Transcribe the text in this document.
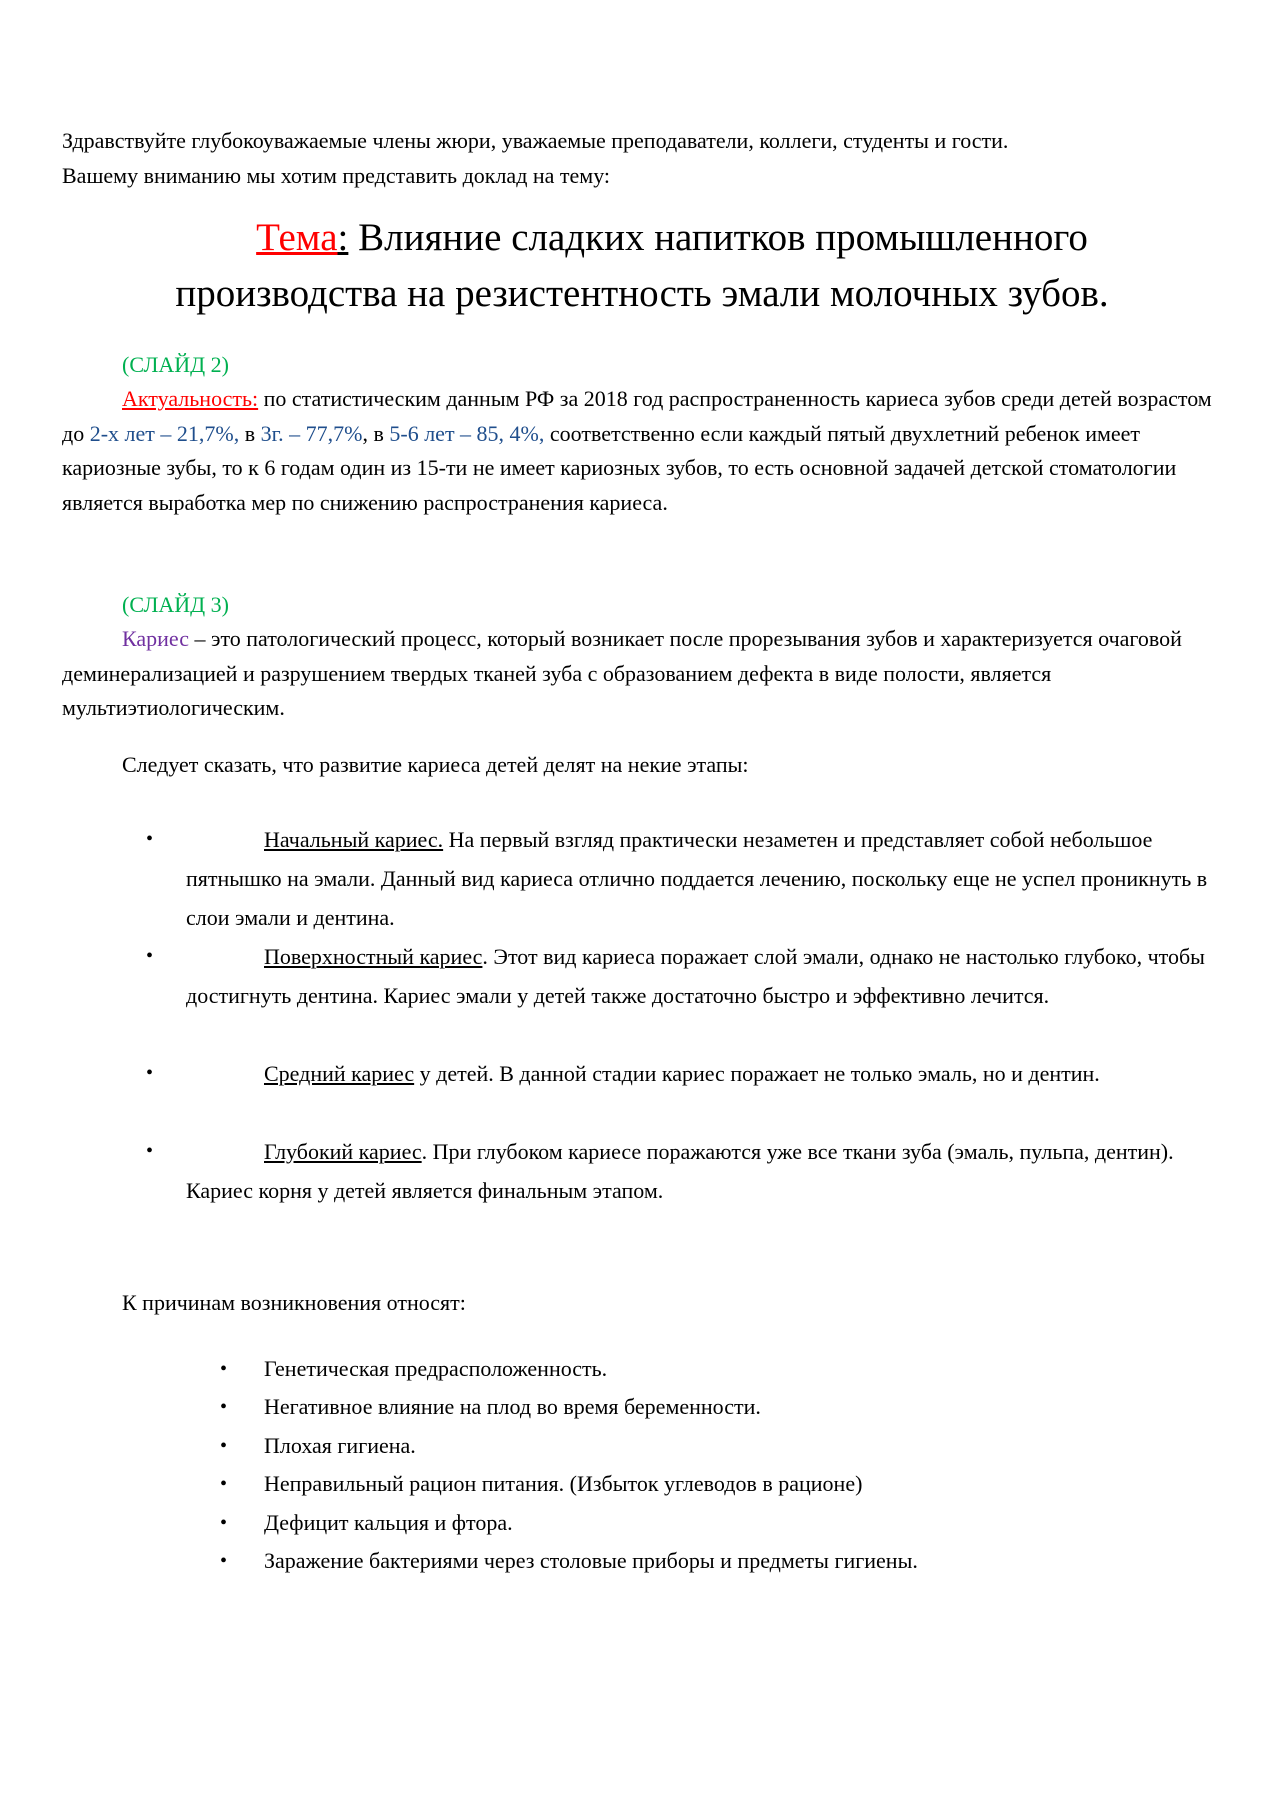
Здравствуйте глубокоуважаемые члены жюри, уважаемые преподаватели, коллеги, студенты и гости.
Вашему вниманию мы хотим представить доклад на тему:

Тема: Влияние сладких напитков промышленного
производства на резистентность эмали молочных зубов.

(СЛАЙД 2)

Актуальность: по статистическим данным РФ за 2018 год распространенность кариеса зубов среди детей возрастом до 2-х лет – 21,7%, в 3г. – 77,7%, в 5-6 лет – 85, 4%, соответственно если каждый пятый двухлетний ребенок имеет кариозные зубы, то к 6 годам один из 15-ти не имеет кариозных зубов, то есть основной задачей детской стоматологии является выработка мер по снижению распространения кариеса.

(СЛАЙД 3)

Кариес – это патологический процесс, который возникает после прорезывания зубов и характеризуется очаговой деминерализацией и разрушением твердых тканей зуба с образованием дефекта в виде полости, является мультиэтиологическим.

Следует сказать, что развитие кариеса детей делят на некие этапы:

•	Начальный кариес. На первый взгляд практически незаметен и представляет собой небольшое пятнышко на эмали. Данный вид кариеса отлично поддается лечению, поскольку еще не успел проникнуть в слои эмали и дентина.
•	Поверхностный кариес. Этот вид кариеса поражает слой эмали, однако не настолько глубоко, чтобы достигнуть дентина. Кариес эмали у детей также достаточно быстро и эффективно лечится.
•	Средний кариес у детей. В данной стадии кариес поражает не только эмаль, но и дентин.
•	Глубокий кариес. При глубоком кариесе поражаются уже все ткани зуба (эмаль, пульпа, дентин). Кариес корня у детей является финальным этапом.

К причинам возникновения относят:

• Генетическая предрасположенность.
• Негативное влияние на плод во время беременности.
• Плохая гигиена.
• Неправильный рацион питания. (Избыток углеводов в рационе)
• Дефицит кальция и фтора.
• Заражение бактериями через столовые приборы и предметы гигиены.
